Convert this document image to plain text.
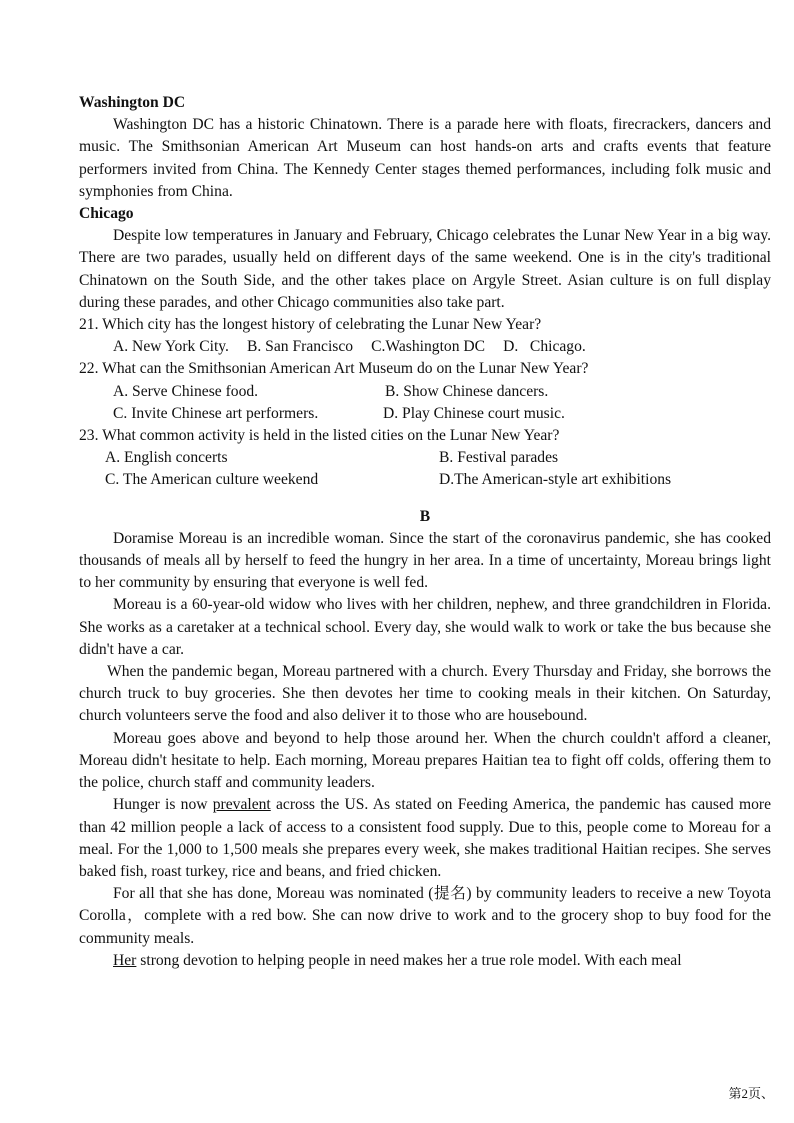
Washington DC
Washington DC has a historic Chinatown. There is a parade here with floats, firecrackers, dancers and music. The Smithsonian American Art Museum can host hands-on arts and crafts events that feature performers invited from China. The Kennedy Center stages themed performances, including folk music and symphonies from China.
Chicago
Despite low temperatures in January and February, Chicago celebrates the Lunar New Year in a big way. There are two parades, usually held on different days of the same weekend. One is in the city's traditional Chinatown on the South Side, and the other takes place on Argyle Street. Asian culture is on full display during these parades, and other Chicago communities also take part.
21. Which city has the longest history of celebrating the Lunar New Year?
A. New York City. B. San Francisco C.Washington DC D.   Chicago.
22. What can the Smithsonian American Art Museum do on the Lunar New Year?
A. Serve Chinese food.	B. Show Chinese dancers.
C. Invite Chinese art performers.	D. Play Chinese court music.
23. What common activity is held in the listed cities on the Lunar New Year?
A. English concerts	B. Festival parades
C. The American culture weekend	D.The American-style art exhibitions
B
Doramise Moreau is an incredible woman. Since the start of the coronavirus pandemic, she has cooked thousands of meals all by herself to feed the hungry in her area. In a time of uncertainty, Moreau brings light to her community by ensuring that everyone is well fed.
Moreau is a 60-year-old widow who lives with her children, nephew, and three grandchildren in Florida. She works as a caretaker at a technical school. Every day, she would walk to work or take the bus because she didn't have a car.
When the pandemic began, Moreau partnered with a church. Every Thursday and Friday, she borrows the church truck to buy groceries. She then devotes her time to cooking meals in their kitchen. On Saturday, church volunteers serve the food and also deliver it to those who are housebound.
Moreau goes above and beyond to help those around her. When the church couldn't afford a cleaner, Moreau didn't hesitate to help. Each morning, Moreau prepares Haitian tea to fight off colds, offering them to the police, church staff and community leaders.
Hunger is now prevalent across the US. As stated on Feeding America, the pandemic has caused more than 42 million people a lack of access to a consistent food supply. Due to this, people come to Moreau for a meal. For the 1,000 to 1,500 meals she prepares every week, she makes traditional Haitian recipes. She serves baked fish, roast turkey, rice and beans, and fried chicken.
For all that she has done, Moreau was nominated (提名) by community leaders to receive a new Toyota Corolla，complete with a red bow. She can now drive to work and to the grocery shop to buy food for the community meals.
Her strong devotion to helping people in need makes her a true role model. With each meal
第2页、
